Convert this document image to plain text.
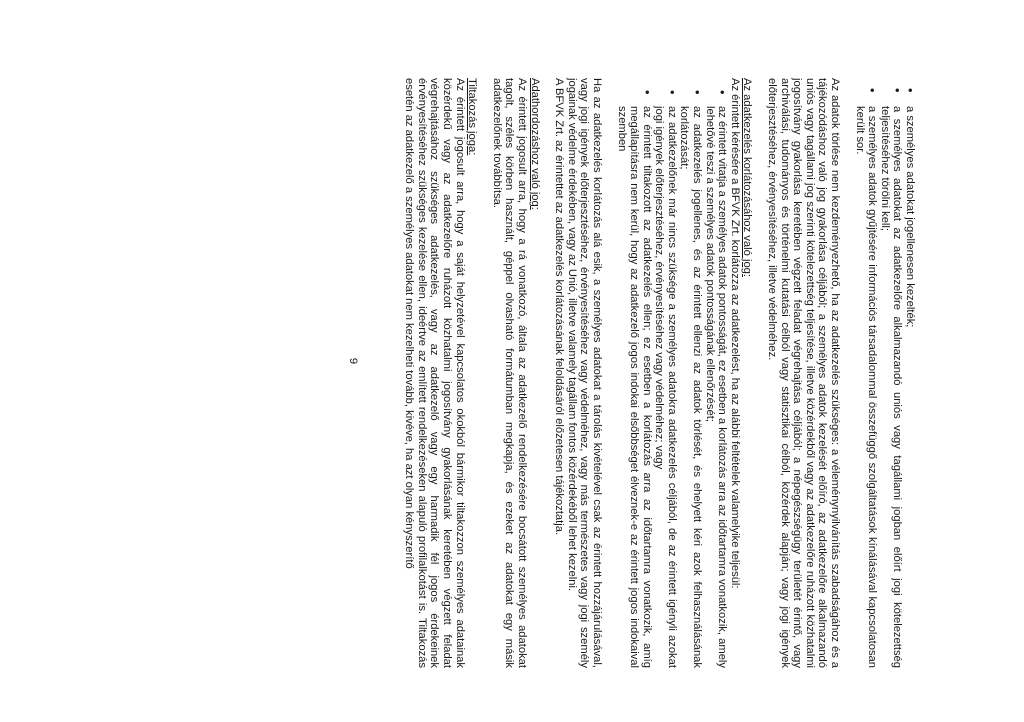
• a személyes adatokat jogellenesen kezelték;
• a személyes adatokat az adatkezelőre alkalmazandó uniós vagy tagállami jogban előírt jogi kötelezettség teljesítéséhez törölni kell;
• a személyes adatok gyűjtésére információs társadalommal összefüggő szolgáltatások kínálásával kapcsolatosan került sor.

Az adatok törlése nem kezdeményezhető, ha az adatkezelés szükséges: a véleménynyilvánítás szabadságához és a tájékozódáshoz való jog gyakorlása céljából; a személyes adatok kezelését előíró, az adatkezelőre alkalmazandó uniós vagy tagállami jog szerinti kötelezettség teljesítése, illetve közérdekből vagy az adatkezelőre ruházott közhatalmi jogosítvány gyakorlása keretében végzett feladat végrehajtása céljából; a népegészségügy területét érintő, vagy archiválási, tudományos és történelmi kutatási célból vagy statisztikai célból, közérdek alapján; vagy jogi igények előterjesztéséhez, érvényesítéséhez, illetve védelméhez.

Az adatkezelés korlátozásához való jog:

Az érintett kérésére a BFVK Zrt. korlátozza az adatkezelést, ha az alábbi feltételek valamelyike teljesül:

• az érintett vitatja a személyes adatok pontosságát, ez esetben a korlátozás arra az időtartamra vonatkozik, amely lehetővé teszi a személyes adatok pontosságának ellenőrzését;
• az adatkezelés jogellenes, és az érintett ellenzi az adatok törlését, és ehelyett kéri azok felhasználásának korlátozását;
• az adatkezelőnek már nincs szüksége a személyes adatokra adatkezelés céljából, de az érintett igényli azokat jogi igények előterjesztéséhez, érvényesítéséhez vagy védelméhez; vagy
• az érintett tiltakozott az adatkezelés ellen; ez esetben a korlátozás arra az időtartamra vonatkozik, amíg megállapításra nem kerül, hogy az adatkezelő jogos indokai elsőbbséget élveznek-e az érintett jogos indokaival szemben

Ha az adatkezelés korlátozás alá esik, a személyes adatokat a tárolás kivételével csak az érintett hozzájárulásával, vagy jogi igények előterjesztéséhez, érvényesítéséhez vagy védelméhez, vagy más természetes vagy jogi személy jogainak védelme érdekében, vagy az Unió, illetve valamely tagállam fontos közérdekéből lehet kezelni.

A BFVK Zrt. az érintettet az adatkezelés korlátozásának feloldásáról előzetesen tájékoztatja.

Adathordozáshoz való jog:

Az érintett jogosult arra, hogy a rá vonatkozó, általa az adatkezelő rendelkezésére bocsátott személyes adatokat tagolt, széles körben használt, géppel olvasható formátumban megkapja, és ezeket az adatokat egy másik adatkezelőnek továbbítsa.

Tiltakozás joga:

Az érintett jogosult arra, hogy a saját helyzetével kapcsolatos okokból bármikor tiltakozzon személyes adatainak közérdekű vagy az adatkezelőre ruházott közhatalmi jogosítvány gyakorlásának keretében végzett feladat végrehajtásához szükséges adatkezelés, vagy az adatkezelő vagy egy harmadik fél jogos érdekeinek érvényesítéséhez szükséges kezelése ellen, ideértve az említett rendelkezéseken alapuló profilalkotást is. Tiltakozás esetén az adatkezelő a személyes adatokat nem kezelheti tovább, kivéve, ha azt olyan kényszerítő

9
